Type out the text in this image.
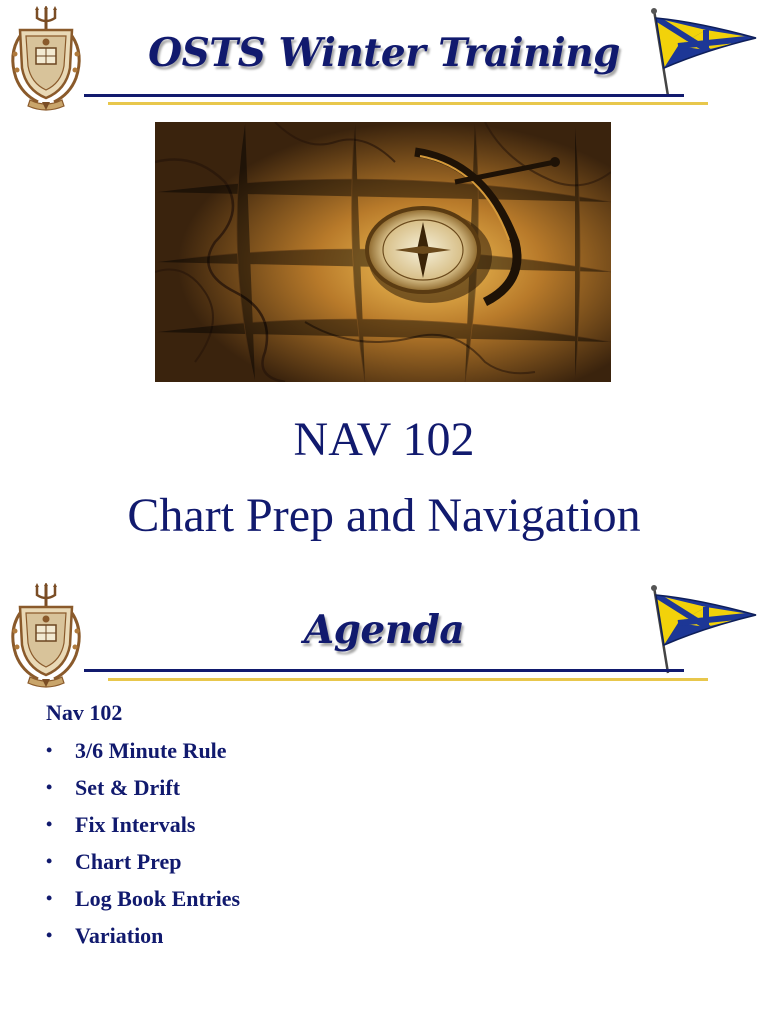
OSTS Winter Training
NAV 102
Chart Prep and Navigation
Agenda
Nav 102
• 3/6 Minute Rule
• Set & Drift
• Fix Intervals
• Chart Prep
• Log Book Entries
• Variation
